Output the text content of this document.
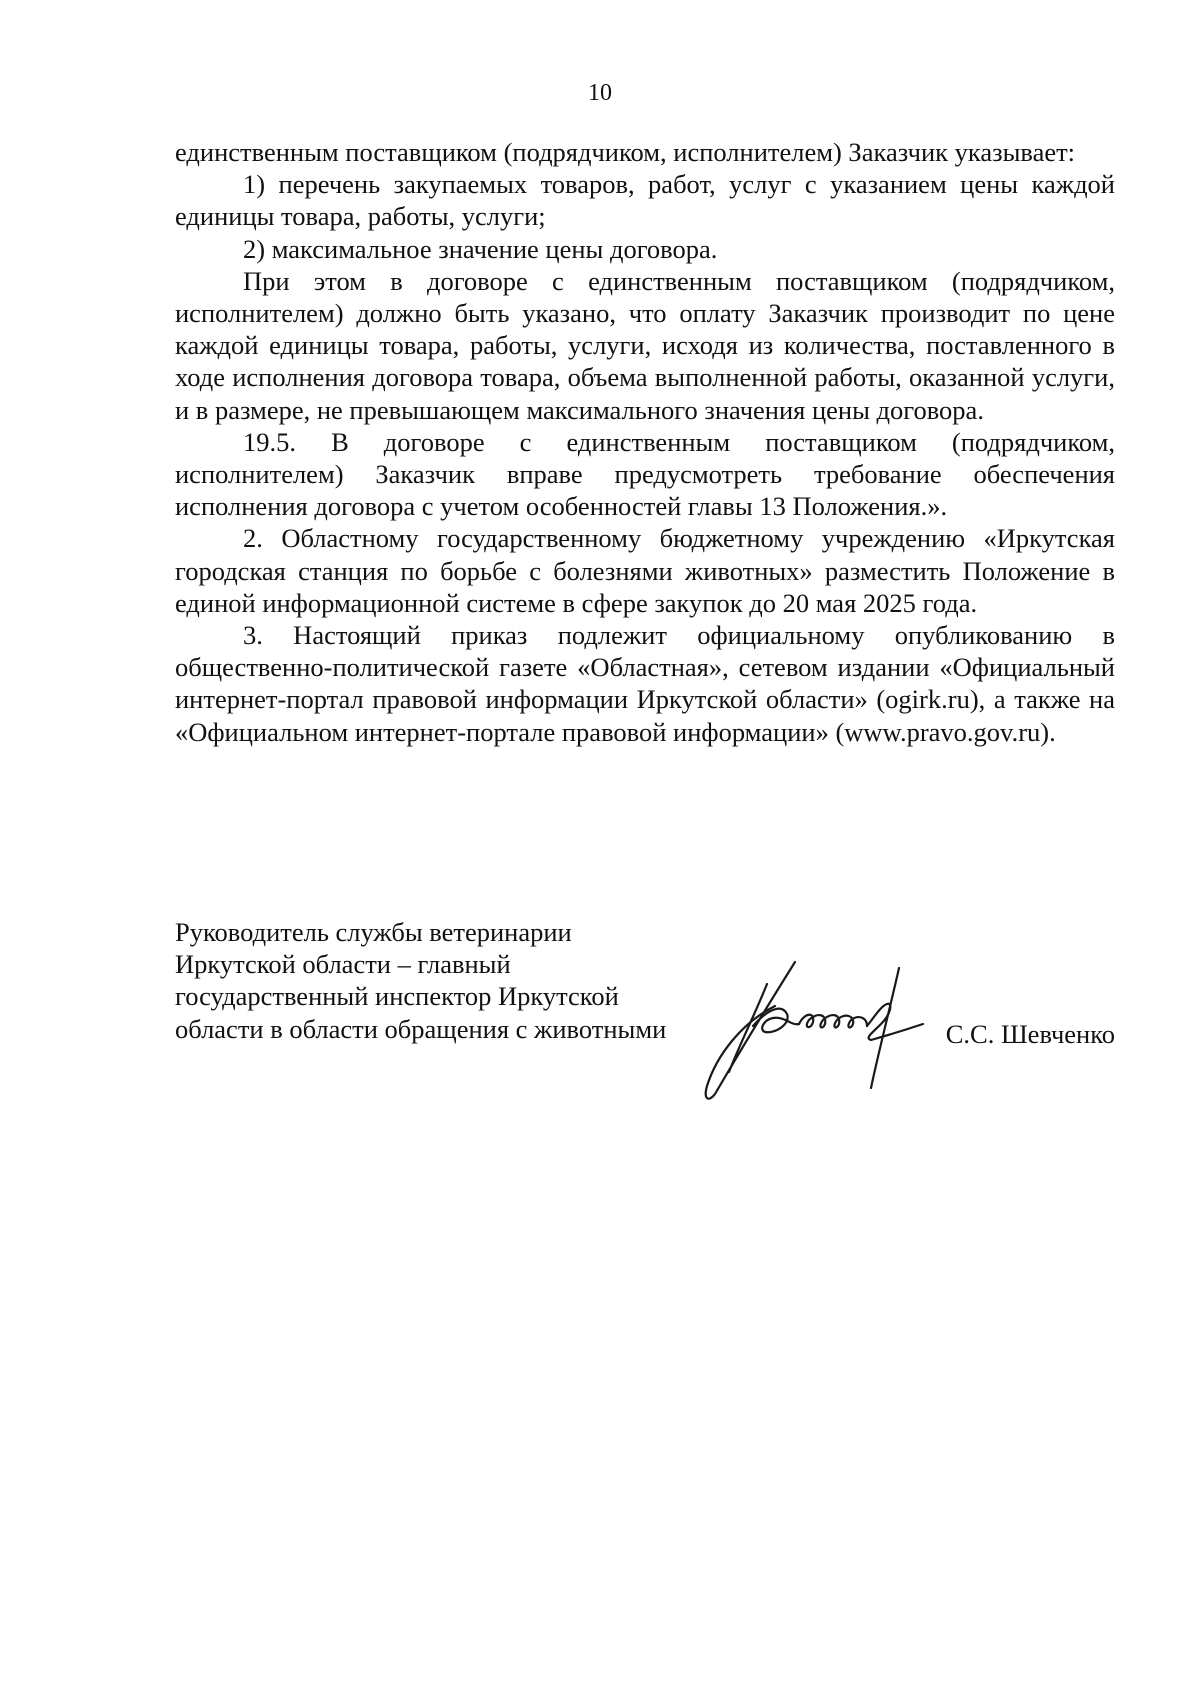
10

единственным поставщиком (подрядчиком, исполнителем) Заказчик указывает:

1) перечень закупаемых товаров, работ, услуг с указанием цены каждой единицы товара, работы, услуги;

2) максимальное значение цены договора.

При этом в договоре с единственным поставщиком (подрядчиком, исполнителем) должно быть указано, что оплату Заказчик производит по цене каждой единицы товара, работы, услуги, исходя из количества, поставленного в ходе исполнения договора товара, объема выполненной работы, оказанной услуги, и в размере, не превышающем максимального значения цены договора.

19.5. В договоре с единственным поставщиком (подрядчиком, исполнителем) Заказчик вправе предусмотреть требование обеспечения исполнения договора с учетом особенностей главы 13 Положения.».

2. Областному государственному бюджетному учреждению «Иркутская городская станция по борьбе с болезнями животных» разместить Положение в единой информационной системе в сфере закупок до 20 мая 2025 года.

3. Настоящий приказ подлежит официальному опубликованию в общественно-политической газете «Областная», сетевом издании «Официальный интернет-портал правовой информации Иркутской области» (ogirk.ru), а также на «Официальном интернет-портале правовой информации» (www.pravo.gov.ru).

Руководитель службы ветеринарии
Иркутской области – главный
государственный инспектор Иркутской
области в области обращения с животными	С.С. Шевченко
